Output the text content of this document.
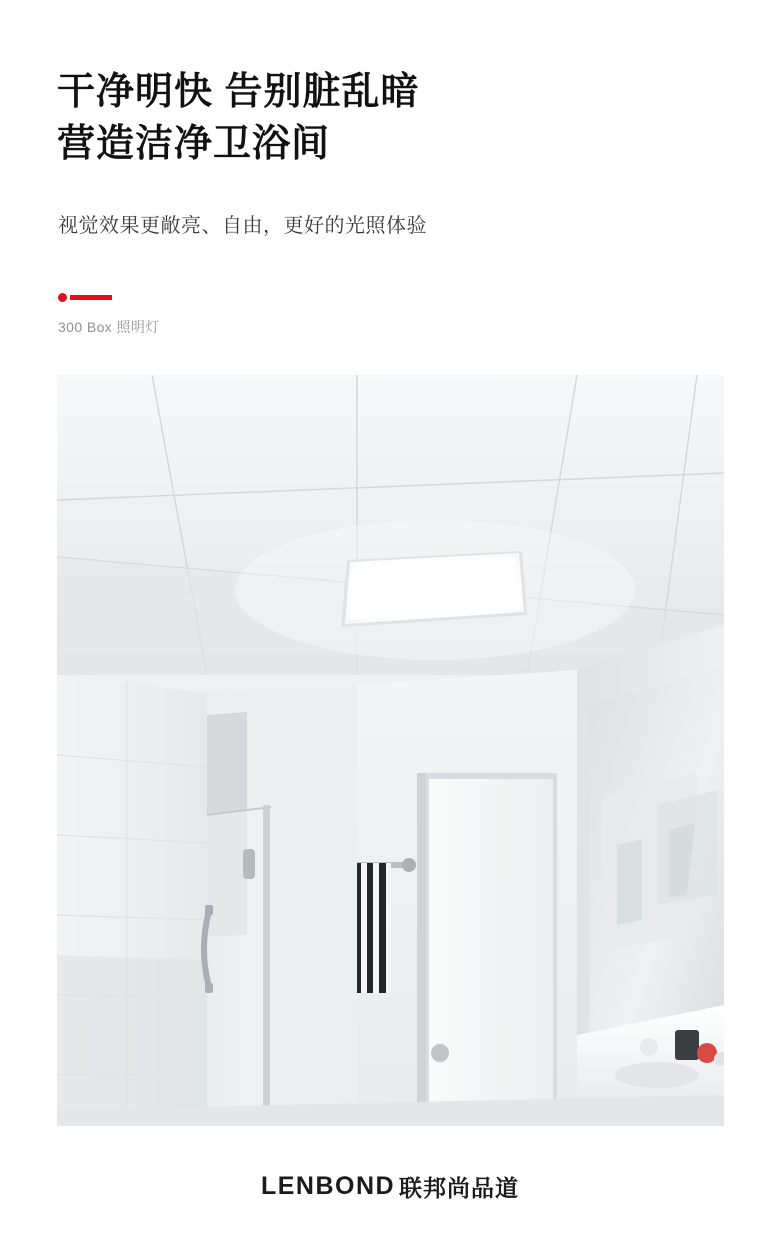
干净明快 告别脏乱暗
营造洁净卫浴间
视觉效果更敞亮、自由，更好的光照体验
300 Box 照明灯
LENBOND 联邦尚品道
